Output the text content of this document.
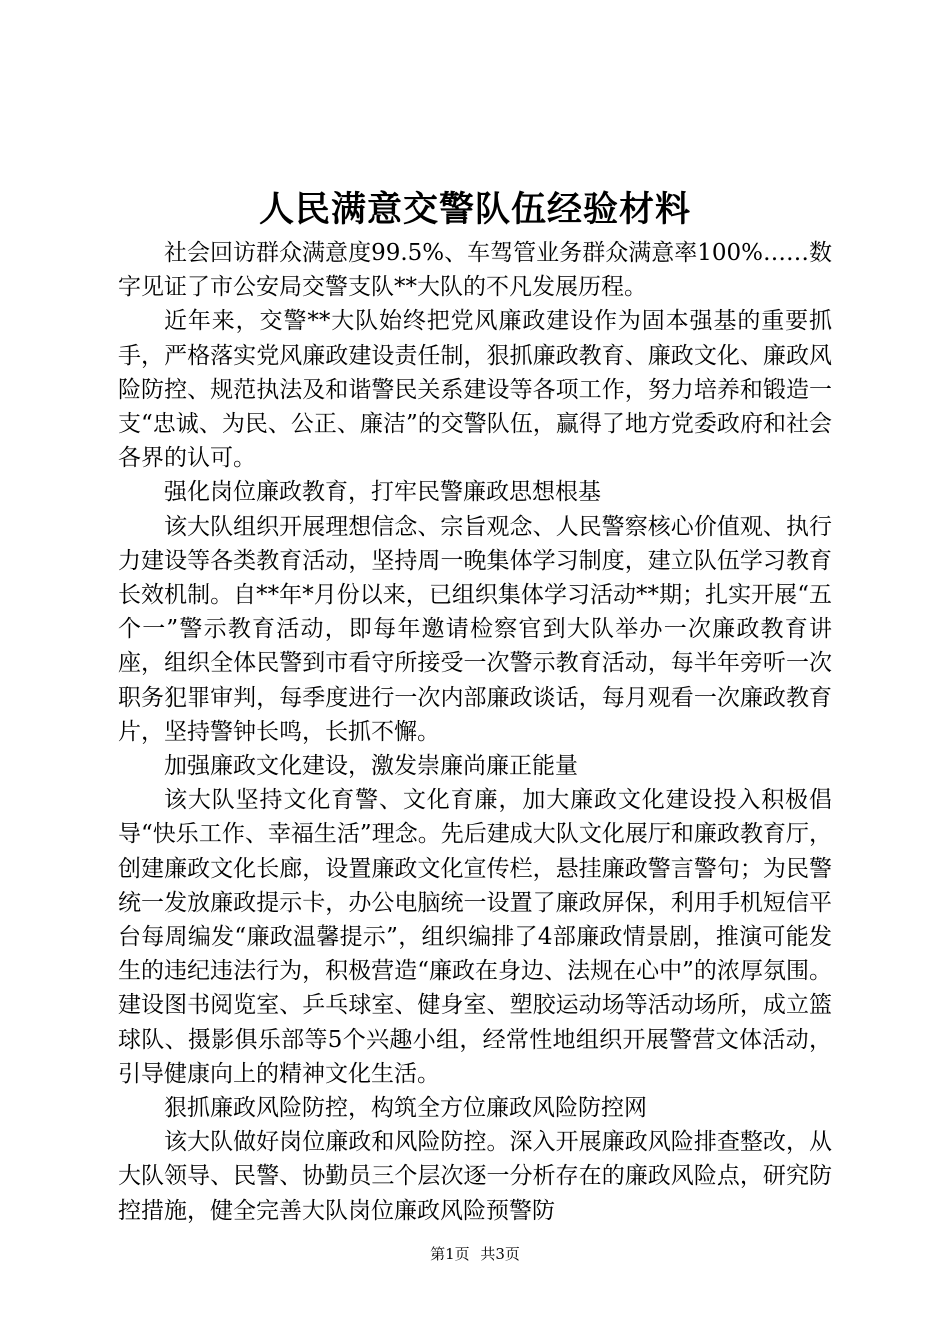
人民满意交警队伍经验材料

社会回访群众满意度99.5%、车驾管业务群众满意率100%……数字见证了市公安局交警支队**大队的不凡发展历程。

近年来，交警**大队始终把党风廉政建设作为固本强基的重要抓手，严格落实党风廉政建设责任制，狠抓廉政教育、廉政文化、廉政风险防控、规范执法及和谐警民关系建设等各项工作，努力培养和锻造一支“忠诚、为民、公正、廉洁”的交警队伍，赢得了地方党委政府和社会各界的认可。

强化岗位廉政教育，打牢民警廉政思想根基

该大队组织开展理想信念、宗旨观念、人民警察核心价值观、执行力建设等各类教育活动，坚持周一晚集体学习制度，建立队伍学习教育长效机制。自**年*月份以来，已组织集体学习活动**期；扎实开展“五个一”警示教育活动，即每年邀请检察官到大队举办一次廉政教育讲座，组织全体民警到市看守所接受一次警示教育活动，每半年旁听一次职务犯罪审判，每季度进行一次内部廉政谈话，每月观看一次廉政教育片，坚持警钟长鸣，长抓不懈。

加强廉政文化建设，激发崇廉尚廉正能量

该大队坚持文化育警、文化育廉，加大廉政文化建设投入积极倡导“快乐工作、幸福生活”理念。先后建成大队文化展厅和廉政教育厅，创建廉政文化长廊，设置廉政文化宣传栏，悬挂廉政警言警句；为民警统一发放廉政提示卡，办公电脑统一设置了廉政屏保，利用手机短信平台每周编发“廉政温馨提示”，组织编排了4部廉政情景剧，推演可能发生的违纪违法行为，积极营造“廉政在身边、法规在心中”的浓厚氛围。建设图书阅览室、乒乓球室、健身室、塑胶运动场等活动场所，成立篮球队、摄影俱乐部等5个兴趣小组，经常性地组织开展警营文体活动，引导健康向上的精神文化生活。

狠抓廉政风险防控，构筑全方位廉政风险防控网

该大队做好岗位廉政和风险防控。深入开展廉政风险排查整改，从大队领导、民警、协勤员三个层次逐一分析存在的廉政风险点，研究防控措施，健全完善大队岗位廉政风险预警防

第1页 共3页
